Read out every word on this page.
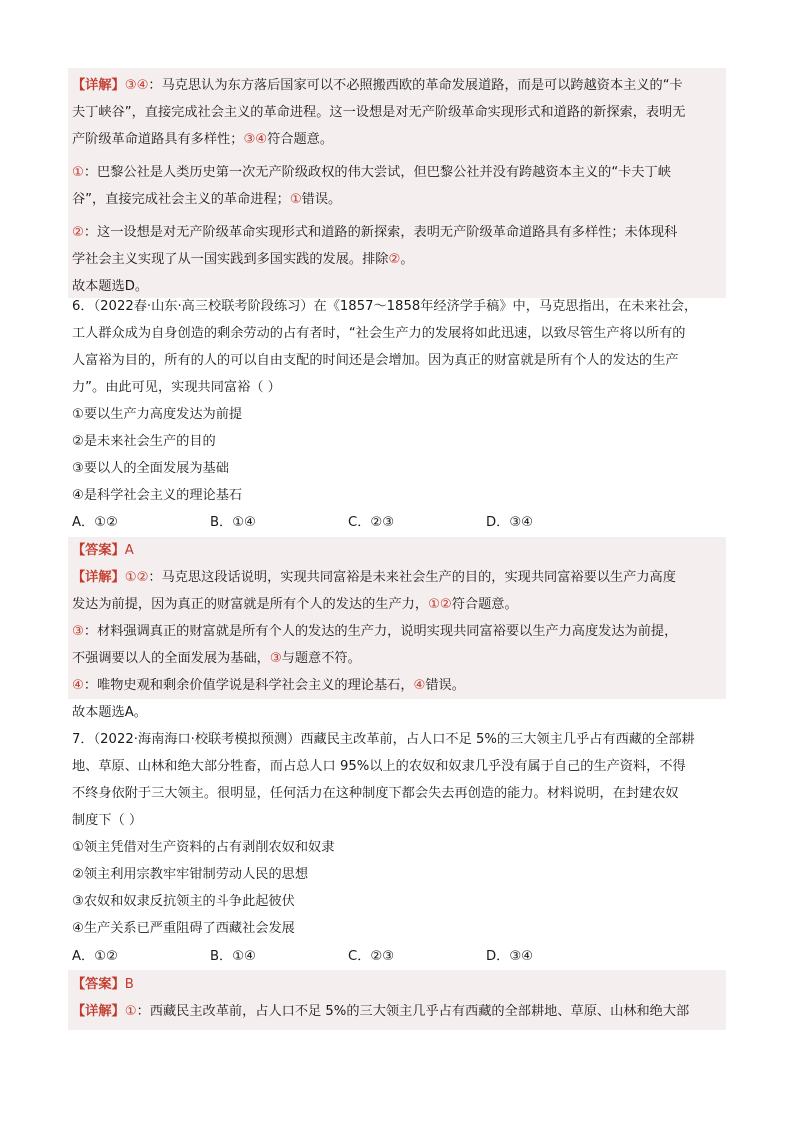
【详解】③④：马克思认为东方落后国家可以不必照搬西欧的革命发展道路，而是可以跨越资本主义的“卡
夫丁峡谷”，直接完成社会主义的革命进程。这一设想是对无产阶级革命实现形式和道路的新探索，表明无
产阶级革命道路具有多样性；③④符合题意。
①：巴黎公社是人类历史第一次无产阶级政权的伟大尝试，但巴黎公社并没有跨越资本主义的“卡夫丁峡
谷”，直接完成社会主义的革命进程；①错误。
②：这一设想是对无产阶级革命实现形式和道路的新探索，表明无产阶级革命道路具有多样性；未体现科
学社会主义实现了从一国实践到多国实践的发展。排除②。
故本题选D。
6．（2022春·山东·高三校联考阶段练习）在《1857～1858年经济学手稿》中，马克思指出，在未来社会，
工人群众成为自身创造的剩余劳动的占有者时，“社会生产力的发展将如此迅速，以致尽管生产将以所有的
人富裕为目的，所有的人的可以自由支配的时间还是会增加。因为真正的财富就是所有个人的发达的生产
力”。由此可见，实现共同富裕（ ）
①要以生产力高度发达为前提
②是未来社会生产的目的
③要以人的全面发展为基础
④是科学社会主义的理论基石
A．①②	B．①④	C．②③	D．③④
【答案】A
【详解】①②：马克思这段话说明，实现共同富裕是未来社会生产的目的，实现共同富裕要以生产力高度
发达为前提，因为真正的财富就是所有个人的发达的生产力，①②符合题意。
③：材料强调真正的财富就是所有个人的发达的生产力，说明实现共同富裕要以生产力高度发达为前提，
不强调要以人的全面发展为基础，③与题意不符。
④：唯物史观和剩余价值学说是科学社会主义的理论基石，④错误。
故本题选A。
7．（2022·海南海口·校联考模拟预测）西藏民主改革前，占人口不足 5%的三大领主几乎占有西藏的全部耕
地、草原、山林和绝大部分牲畜，而占总人口 95%以上的农奴和奴隶几乎没有属于自己的生产资料，不得
不终身依附于三大领主。很明显，任何活力在这种制度下都会失去再创造的能力。材料说明，在封建农奴
制度下（ ）
①领主凭借对生产资料的占有剥削农奴和奴隶
②领主利用宗教牢牢钳制劳动人民的思想
③农奴和奴隶反抗领主的斗争此起彼伏
④生产关系已严重阻碍了西藏社会发展
A．①②	B．①④	C．②③	D．③④
【答案】B
【详解】①：西藏民主改革前，占人口不足 5%的三大领主几乎占有西藏的全部耕地、草原、山林和绝大部
